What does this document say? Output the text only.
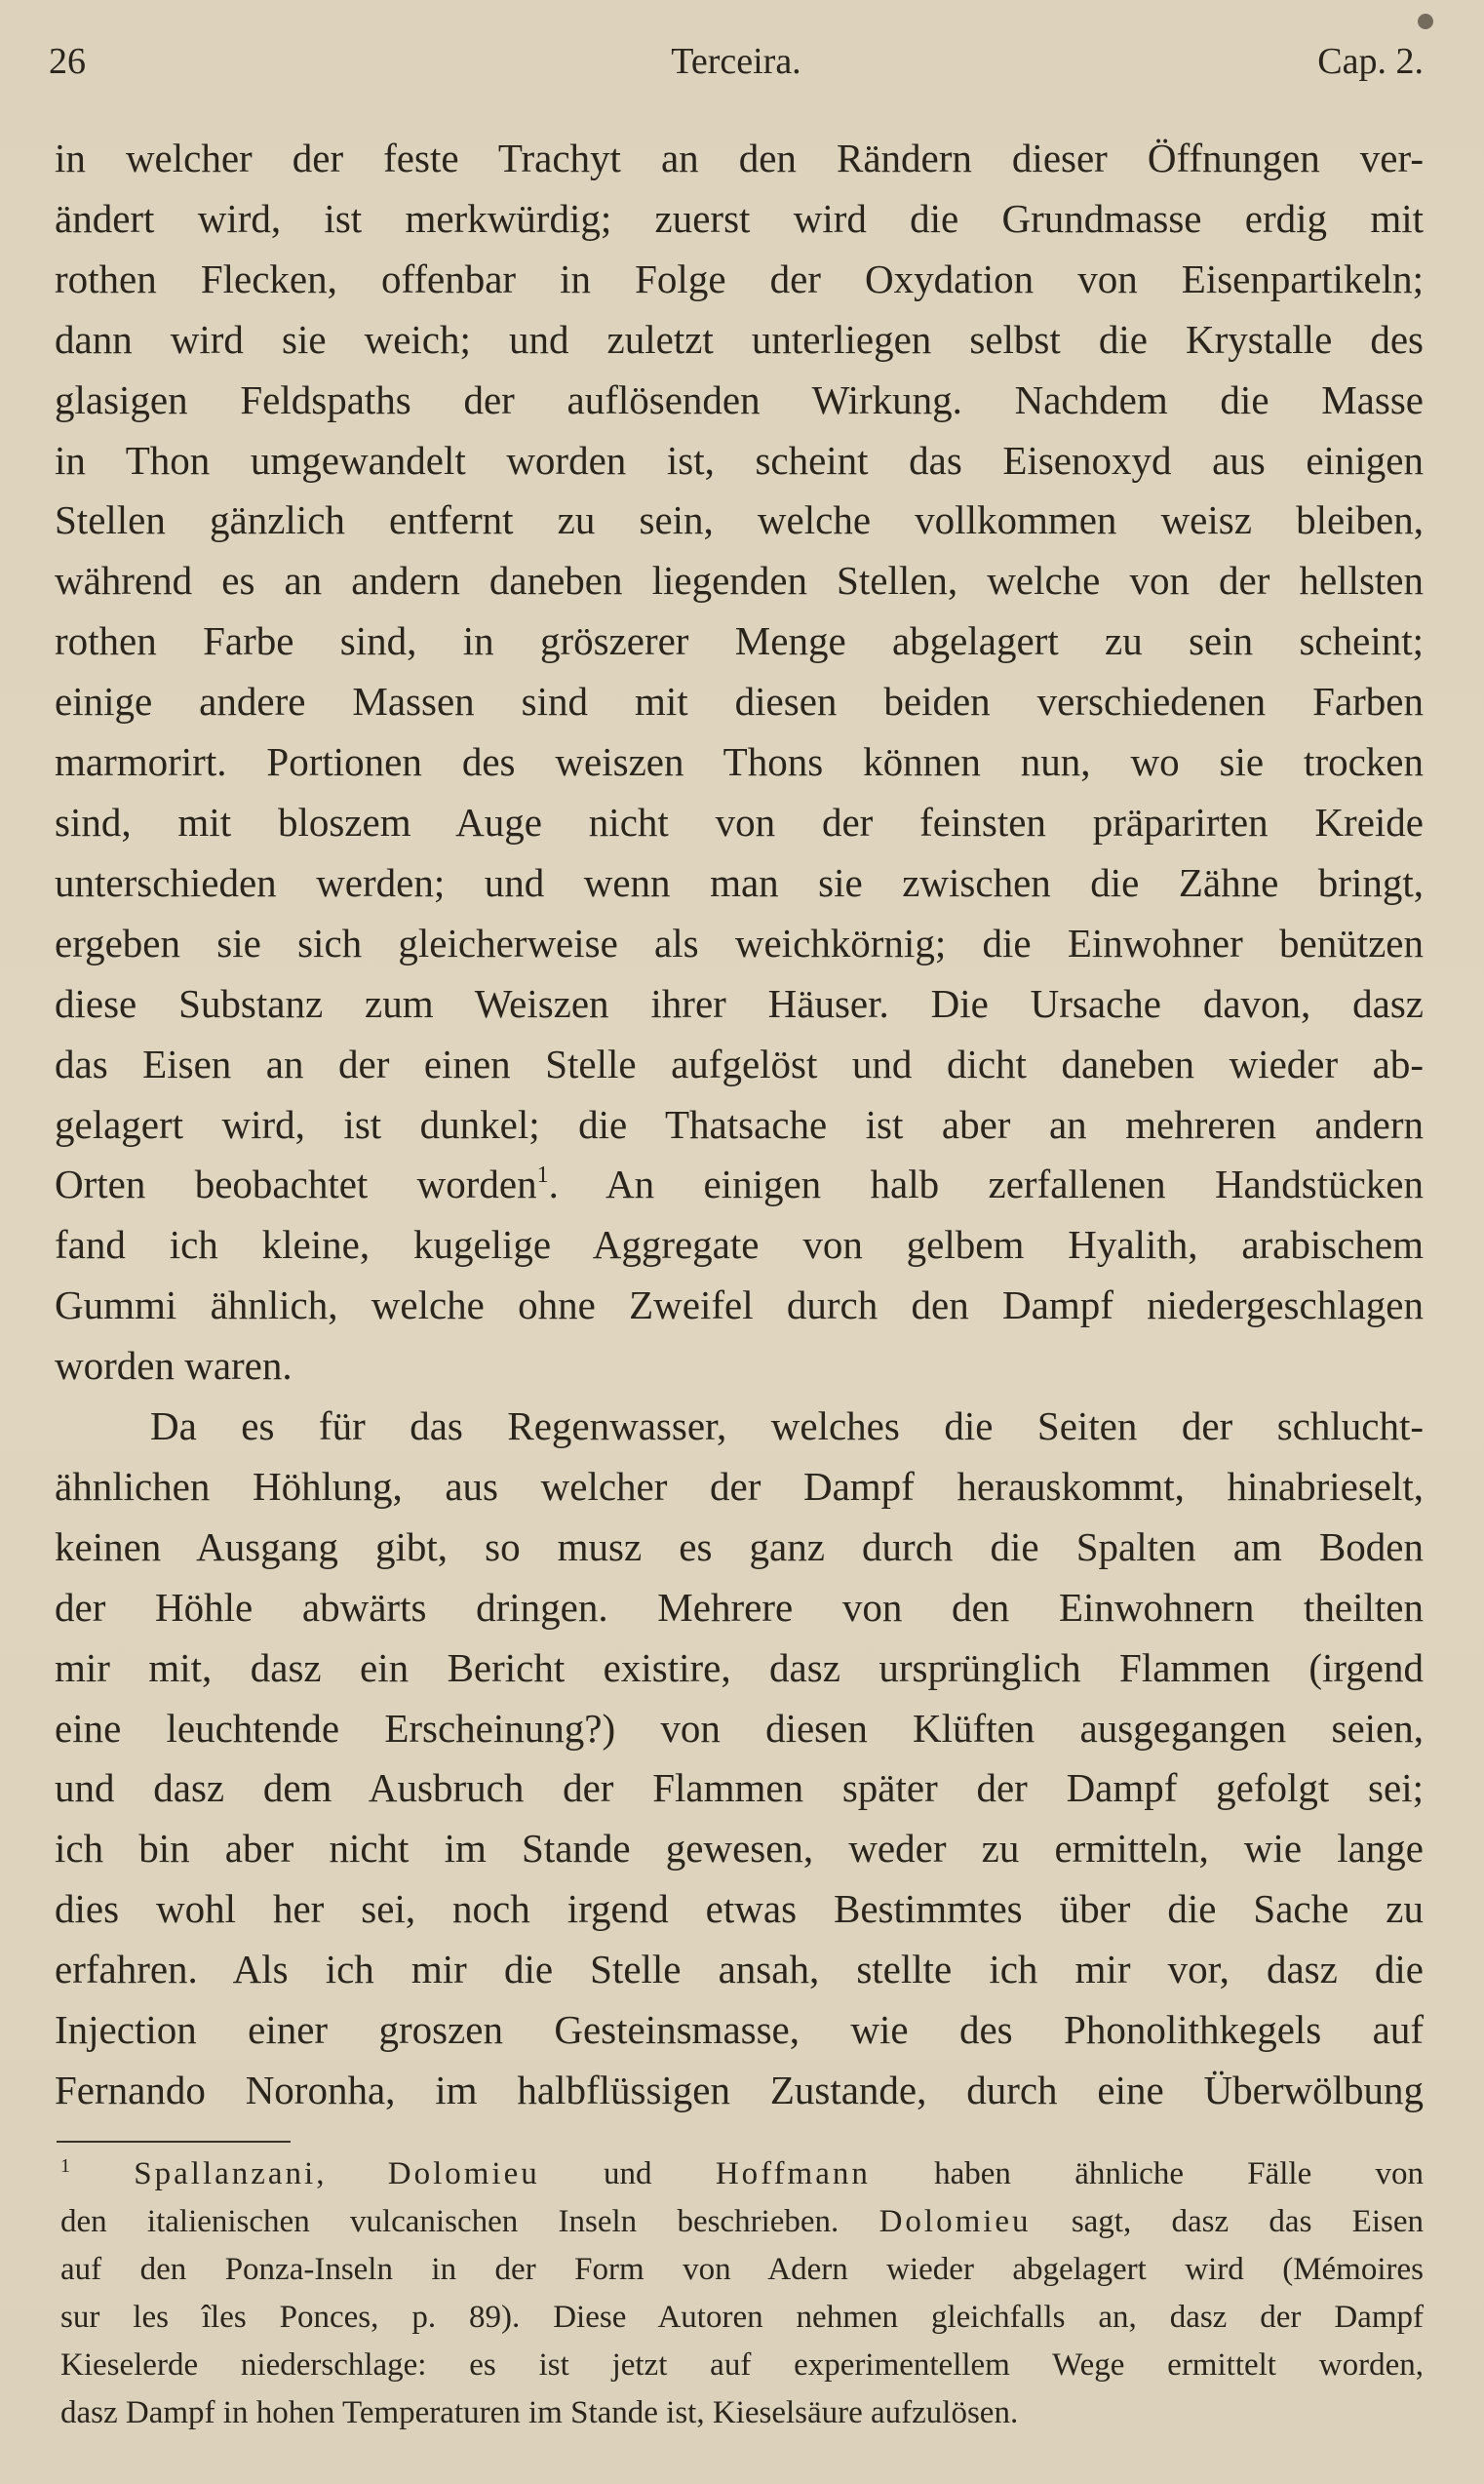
26	Terceira.	Cap. 2.
in welcher der feste Trachyt an den Rändern dieser Öffnungen ver-
ändert wird, ist merkwürdig; zuerst wird die Grundmasse erdig mit
rothen Flecken, offenbar in Folge der Oxydation von Eisenpartikeln;
dann wird sie weich; und zuletzt unterliegen selbst die Krystalle des
glasigen Feldspaths der auflösenden Wirkung. Nachdem die Masse
in Thon umgewandelt worden ist, scheint das Eisenoxyd aus einigen
Stellen gänzlich entfernt zu sein, welche vollkommen weisz bleiben,
während es an andern daneben liegenden Stellen, welche von der hellsten
rothen Farbe sind, in gröszerer Menge abgelagert zu sein scheint;
einige andere Massen sind mit diesen beiden verschiedenen Farben
marmorirt. Portionen des weiszen Thons können nun, wo sie trocken
sind, mit bloszem Auge nicht von der feinsten präparirten Kreide
unterschieden werden; und wenn man sie zwischen die Zähne bringt,
ergeben sie sich gleicherweise als weichkörnig; die Einwohner benützen
diese Substanz zum Weiszen ihrer Häuser. Die Ursache davon, dasz
das Eisen an der einen Stelle aufgelöst und dicht daneben wieder ab-
gelagert wird, ist dunkel; die Thatsache ist aber an mehreren andern
Orten beobachtet worden$^1$. An einigen halb zerfallenen Handstücken
fand ich kleine, kugelige Aggregate von gelbem Hyalith, arabischem
Gummi ähnlich, welche ohne Zweifel durch den Dampf niedergeschlagen
worden waren.
Da es für das Regenwasser, welches die Seiten der schlucht-
ähnlichen Höhlung, aus welcher der Dampf herauskommt, hinabrieselt,
keinen Ausgang gibt, so musz es ganz durch die Spalten am Boden
der Höhle abwärts dringen. Mehrere von den Einwohnern theilten
mir mit, dasz ein Bericht existire, dasz ursprünglich Flammen (irgend
eine leuchtende Erscheinung?) von diesen Klüften ausgegangen seien,
und dasz dem Ausbruch der Flammen später der Dampf gefolgt sei;
ich bin aber nicht im Stande gewesen, weder zu ermitteln, wie lange
dies wohl her sei, noch irgend etwas Bestimmtes über die Sache zu
erfahren. Als ich mir die Stelle ansah, stellte ich mir vor, dasz die
Injection einer groszen Gesteinsmasse, wie des Phonolithkegels auf
Fernando Noronha, im halbflüssigen Zustande, durch eine Überwölbung
$^1$ Spallanzani, Dolomieu und Hoffmann haben ähnliche Fälle von
den italienischen vulcanischen Inseln beschrieben. Dolomieu sagt, dasz das Eisen
auf den Ponza-Inseln in der Form von Adern wieder abgelagert wird (Mémoires
sur les îles Ponces, p. 89). Diese Autoren nehmen gleichfalls an, dasz der Dampf
Kieselerde niederschlage: es ist jetzt auf experimentellem Wege ermittelt worden,
dasz Dampf in hohen Temperaturen im Stande ist, Kieselsäure aufzulösen.
